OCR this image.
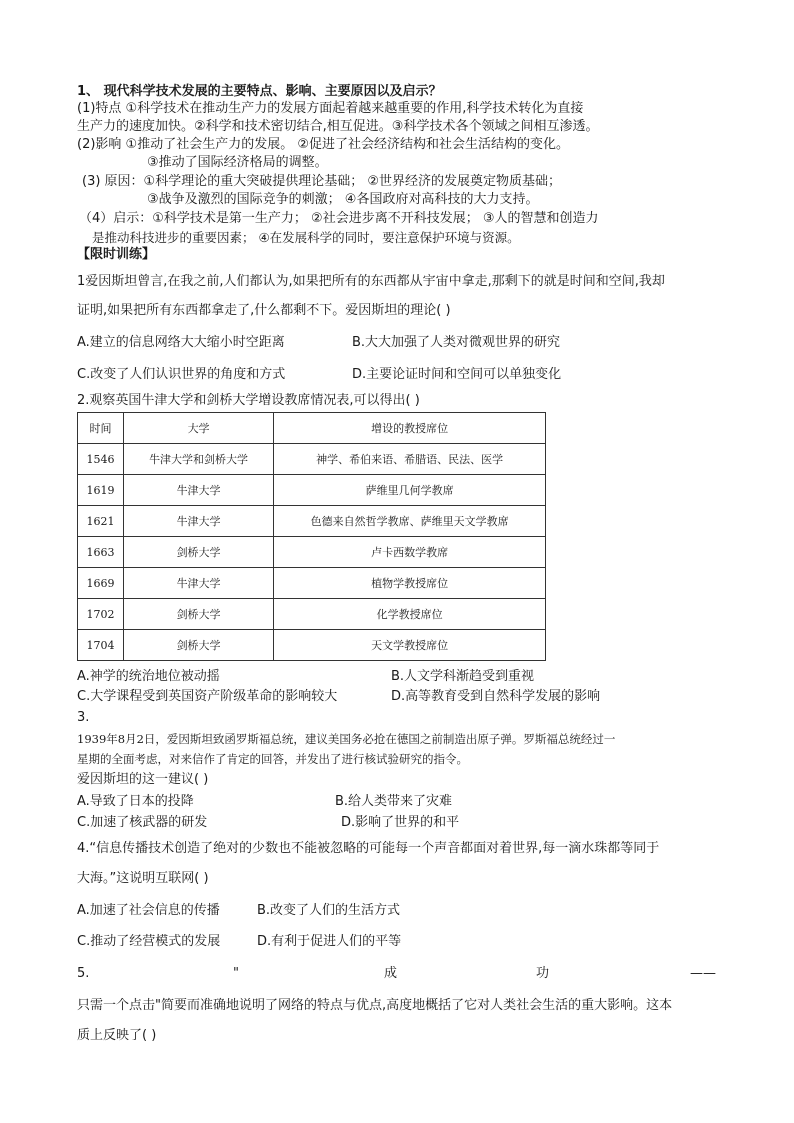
1、 现代科学技术发展的主要特点、影响、主要原因以及启示？
(1)特点 ①科学技术在推动生产力的发展方面起着越来越重要的作用,科学技术转化为直接
生产力的速度加快。②科学和技术密切结合,相互促进。③科学技术各个领域之间相互渗透。
(2)影响 ①推动了社会生产力的发展。 ②促进了社会经济结构和社会生活结构的变化。
③推动了国际经济格局的调整。
(3) 原因：①科学理论的重大突破提供理论基础； ②世界经济的发展奠定物质基础；
③战争及激烈的国际竞争的刺激； ④各国政府对高科技的大力支持。
（4）启示：①科学技术是第一生产力； ②社会进步离不开科技发展； ③人的智慧和创造力
是推动科技进步的重要因素； ④在发展科学的同时，要注意保护环境与资源。
【限时训练】
1爱因斯坦曾言,在我之前,人们都认为,如果把所有的东西都从宇宙中拿走,那剩下的就是时间和空间,我却
证明,如果把所有东西都拿走了,什么都剩不下。爱因斯坦的理论( )
A.建立的信息网络大大缩小时空距离	B.大大加强了人类对微观世界的研究
C.改变了人们认识世界的角度和方式	D.主要论证时间和空间可以单独变化
2.观察英国牛津大学和剑桥大学增设教席情况表,可以得出( )
时间	大学	增设的教授席位
1546	牛津大学和剑桥大学	神学、希伯来语、希腊语、民法、医学
1619	牛津大学	萨维里几何学教席
1621	牛津大学	色德来自然哲学教席、萨维里天文学教席
1663	剑桥大学	卢卡西数学教席
1669	牛津大学	植物学教授席位
1702	剑桥大学	化学教授席位
1704	剑桥大学	天文学教授席位
A.神学的统治地位被动摇	B.人文学科渐趋受到重视
C.大学课程受到英国资产阶级革命的影响较大	D.高等教育受到自然科学发展的影响
3.
1939年8月2日，爱因斯坦致函罗斯福总统，建议美国务必抢在德国之前制造出原子弹。罗斯福总统经过一
星期的全面考虑，对来信作了肯定的回答，并发出了进行核试验研究的指令。
爱因斯坦的这一建议( )
A.导致了日本的投降	B.给人类带来了灾难
C.加速了核武器的研发	D.影响了世界的和平
4.“信息传播技术创造了绝对的少数也不能被忽略的可能每一个声音都面对着世界,每一滴水珠都等同于
大海。”这说明互联网( )
A.加速了社会信息的传播	B.改变了人们的生活方式
C.推动了经营模式的发展	D.有利于促进人们的平等
5.	"	成	功	——
只需一个点击"简要而准确地说明了网络的特点与优点,高度地概括了它对人类社会生活的重大影响。这本
质上反映了( )
